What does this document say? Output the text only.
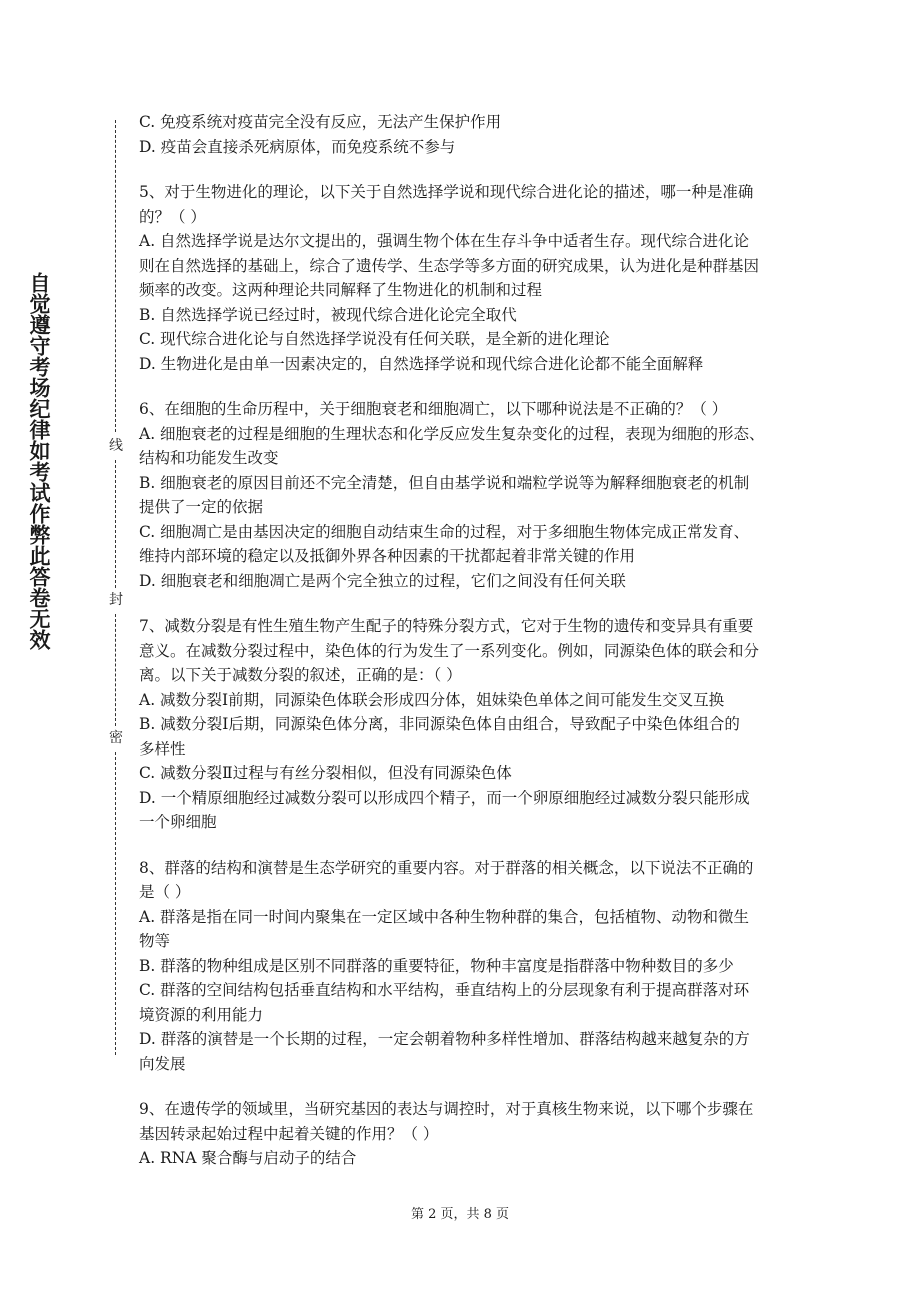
自觉遵守考场纪律如考试作弊此答卷无效	线
封
密
C. 免疫系统对疫苗完全没有反应，无法产生保护作用
D. 疫苗会直接杀死病原体，而免疫系统不参与
5、对于生物进化的理论，以下关于自然选择学说和现代综合进化论的描述，哪一种是准确
的？（ ）
A. 自然选择学说是达尔文提出的，强调生物个体在生存斗争中适者生存。现代综合进化论
则在自然选择的基础上，综合了遗传学、生态学等多方面的研究成果，认为进化是种群基因
频率的改变。这两种理论共同解释了生物进化的机制和过程
B. 自然选择学说已经过时，被现代综合进化论完全取代
C. 现代综合进化论与自然选择学说没有任何关联，是全新的进化理论
D. 生物进化是由单一因素决定的，自然选择学说和现代综合进化论都不能全面解释
6、在细胞的生命历程中，关于细胞衰老和细胞凋亡，以下哪种说法是不正确的？（ ）
A. 细胞衰老的过程是细胞的生理状态和化学反应发生复杂变化的过程，表现为细胞的形态、
结构和功能发生改变
B. 细胞衰老的原因目前还不完全清楚，但自由基学说和端粒学说等为解释细胞衰老的机制
提供了一定的依据
C. 细胞凋亡是由基因决定的细胞自动结束生命的过程，对于多细胞生物体完成正常发育、
维持内部环境的稳定以及抵御外界各种因素的干扰都起着非常关键的作用
D. 细胞衰老和细胞凋亡是两个完全独立的过程，它们之间没有任何关联
7、减数分裂是有性生殖生物产生配子的特殊分裂方式，它对于生物的遗传和变异具有重要
意义。在减数分裂过程中，染色体的行为发生了一系列变化。例如，同源染色体的联会和分
离。以下关于减数分裂的叙述，正确的是：（ ）
A. 减数分裂Ⅰ前期，同源染色体联会形成四分体，姐妹染色单体之间可能发生交叉互换
B. 减数分裂Ⅰ后期，同源染色体分离，非同源染色体自由组合，导致配子中染色体组合的
多样性
C. 减数分裂Ⅱ过程与有丝分裂相似，但没有同源染色体
D. 一个精原细胞经过减数分裂可以形成四个精子，而一个卵原细胞经过减数分裂只能形成
一个卵细胞
8、群落的结构和演替是生态学研究的重要内容。对于群落的相关概念，以下说法不正确的
是（ ）
A. 群落是指在同一时间内聚集在一定区域中各种生物种群的集合，包括植物、动物和微生
物等
B. 群落的物种组成是区别不同群落的重要特征，物种丰富度是指群落中物种数目的多少
C. 群落的空间结构包括垂直结构和水平结构，垂直结构上的分层现象有利于提高群落对环
境资源的利用能力
D. 群落的演替是一个长期的过程，一定会朝着物种多样性增加、群落结构越来越复杂的方
向发展
9、在遗传学的领域里，当研究基因的表达与调控时，对于真核生物来说，以下哪个步骤在
基因转录起始过程中起着关键的作用？（ ）
A. RNA 聚合酶与启动子的结合
第 2 页，共 8 页
